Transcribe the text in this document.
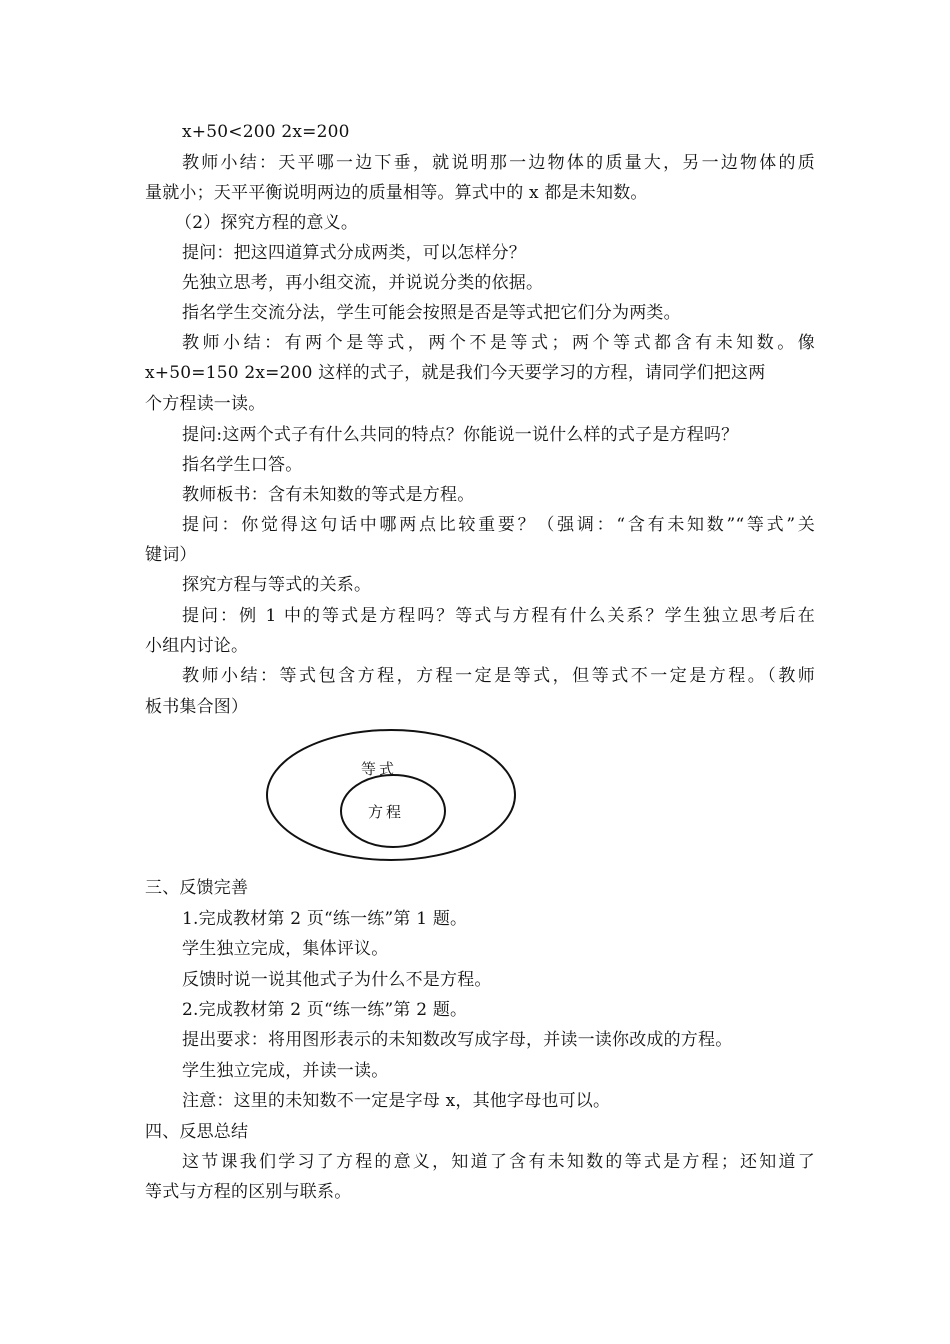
x+50<200 2x=200
教师小结：天平哪一边下垂，就说明那一边物体的质量大，另一边物体的质
量就小；天平平衡说明两边的质量相等。算式中的 x 都是未知数。
（2）探究方程的意义。
提问：把这四道算式分成两类，可以怎样分？
先独立思考，再小组交流，并说说分类的依据。
指名学生交流分法，学生可能会按照是否是等式把它们分为两类。
教师小结：有两个是等式，两个不是等式；两个等式都含有未知数。像
x+50=150 2x=200 这样的式子，就是我们今天要学习的方程，请同学们把这两
个方程读一读。
提问:这两个式子有什么共同的特点？你能说一说什么样的式子是方程吗？
指名学生口答。
教师板书：含有未知数的等式是方程。
提问：你觉得这句话中哪两点比较重要？（强调：“含有未知数”“等式”关
键词）
探究方程与等式的关系。
提问：例 1 中的等式是方程吗？等式与方程有什么关系？学生独立思考后在
小组内讨论。
教师小结：等式包含方程，方程一定是等式，但等式不一定是方程。（教师
板书集合图）
等式
方程
三、反馈完善
1.完成教材第 2 页“练一练”第 1 题。
学生独立完成，集体评议。
反馈时说一说其他式子为什么不是方程。
2.完成教材第 2 页“练一练”第 2 题。
提出要求：将用图形表示的未知数改写成字母，并读一读你改成的方程。
学生独立完成，并读一读。
注意：这里的未知数不一定是字母 x，其他字母也可以。
四、反思总结
这节课我们学习了方程的意义，知道了含有未知数的等式是方程；还知道了
等式与方程的区别与联系。
